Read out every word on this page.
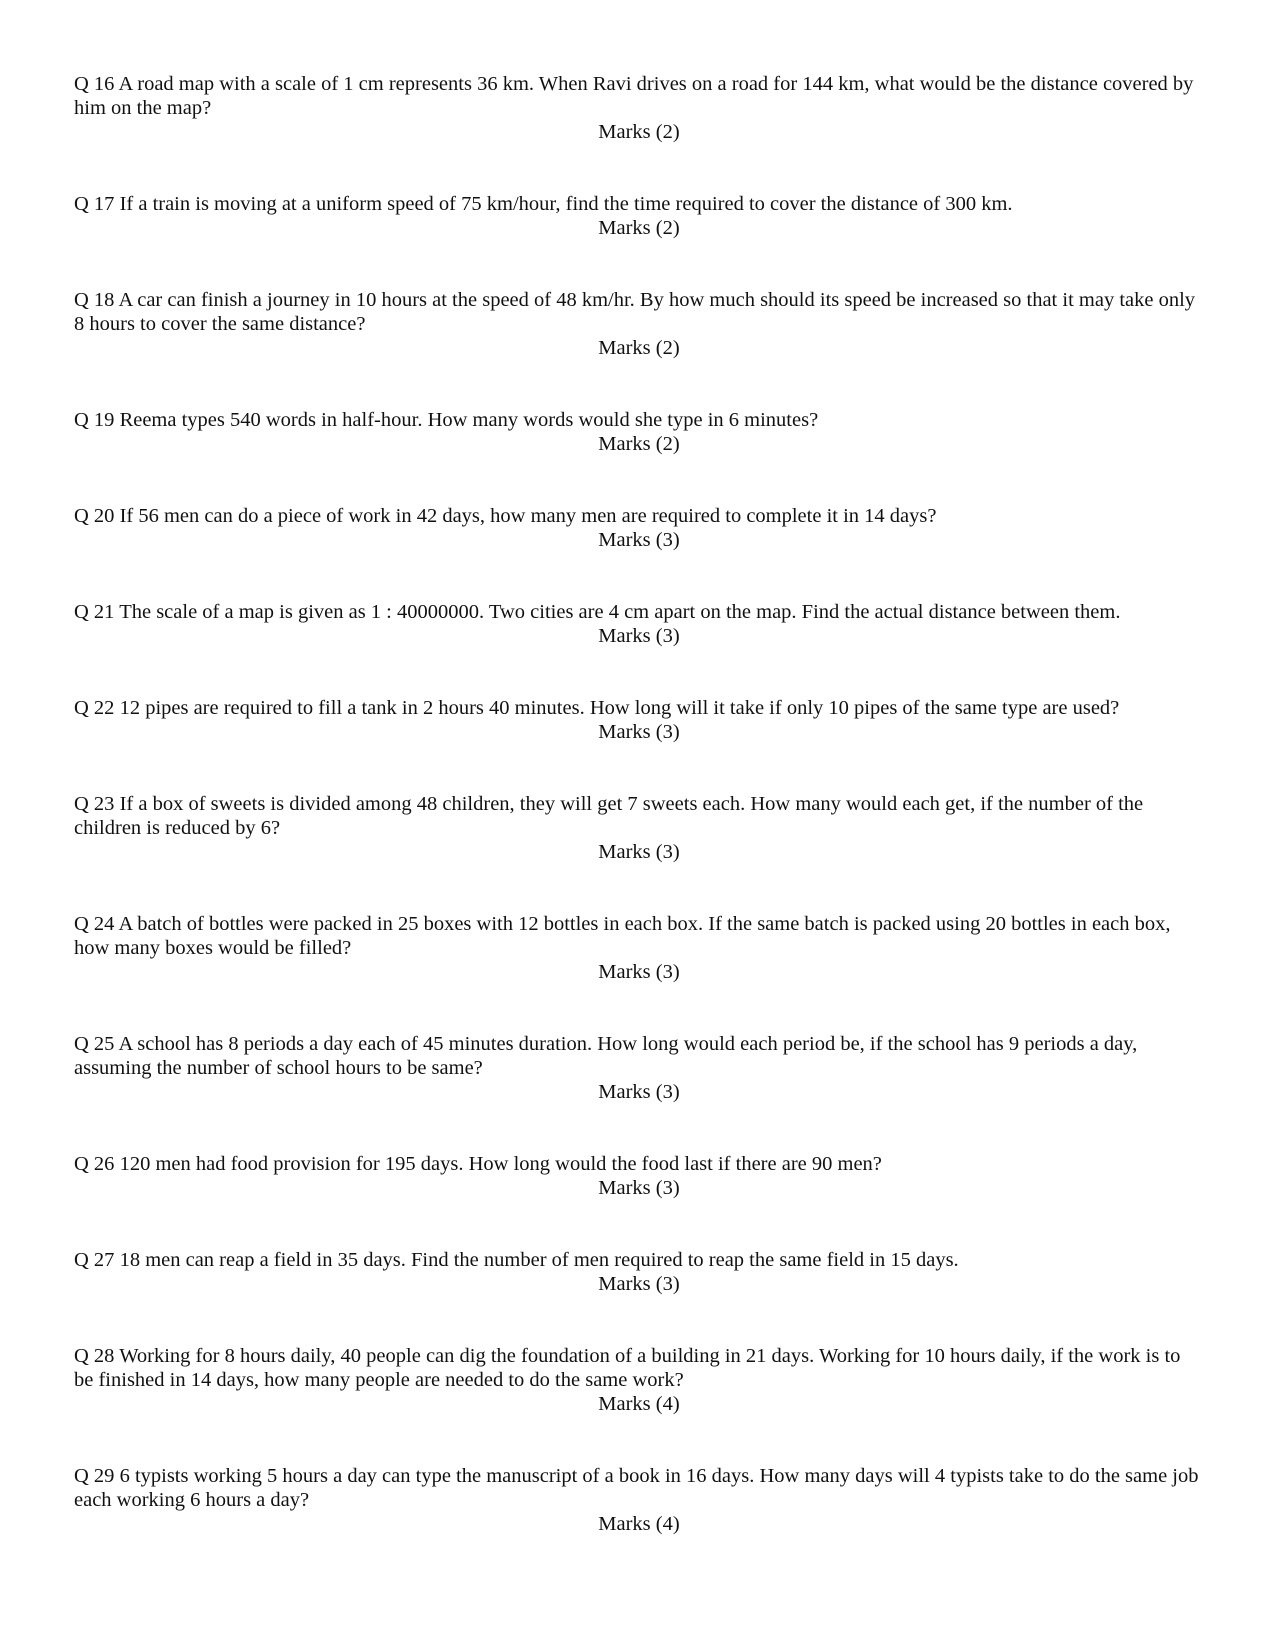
Q 16 A road map with a scale of 1 cm represents 36 km. When Ravi drives on a road for 144 km, what would be the distance covered by him on the map?

Marks (2)

Q 17 If a train is moving at a uniform speed of 75 km/hour, find the time required to cover the distance of 300 km.

Marks (2)

Q 18 A car can finish a journey in 10 hours at the speed of 48 km/hr. By how much should its speed be increased so that it may take only 8 hours to cover the same distance?

Marks (2)

Q 19 Reema types 540 words in half-hour. How many words would she type in 6 minutes?

Marks (2)

Q 20 If 56 men can do a piece of work in 42 days, how many men are required to complete it in 14 days?

Marks (3)

Q 21 The scale of a map is given as 1 : 40000000. Two cities are 4 cm apart on the map. Find the actual distance between them.

Marks (3)

Q 22 12 pipes are required to fill a tank in 2 hours 40 minutes. How long will it take if only 10 pipes of the same type are used?

Marks (3)

Q 23 If a box of sweets is divided among 48 children, they will get 7 sweets each. How many would each get, if the number of the children is reduced by 6?

Marks (3)

Q 24 A batch of bottles were packed in 25 boxes with 12 bottles in each box. If the same batch is packed using 20 bottles in each box, how many boxes would be filled?

Marks (3)

Q 25 A school has 8 periods a day each of 45 minutes duration. How long would each period be, if the school has 9 periods a day, assuming the number of school hours to be same?

Marks (3)

Q 26 120 men had food provision for 195 days. How long would the food last if there are 90 men?

Marks (3)

Q 27 18 men can reap a field in 35 days. Find the number of men required to reap the same field in 15 days.

Marks (3)

Q 28 Working for 8 hours daily, 40 people can dig the foundation of a building in 21 days. Working for 10 hours daily, if the work is to be finished in 14 days, how many people are needed to do the same work?

Marks (4)

Q 29 6 typists working 5 hours a day can type the manuscript of a book in 16 days. How many days will 4 typists take to do the same job each working 6 hours a day?

Marks (4)
